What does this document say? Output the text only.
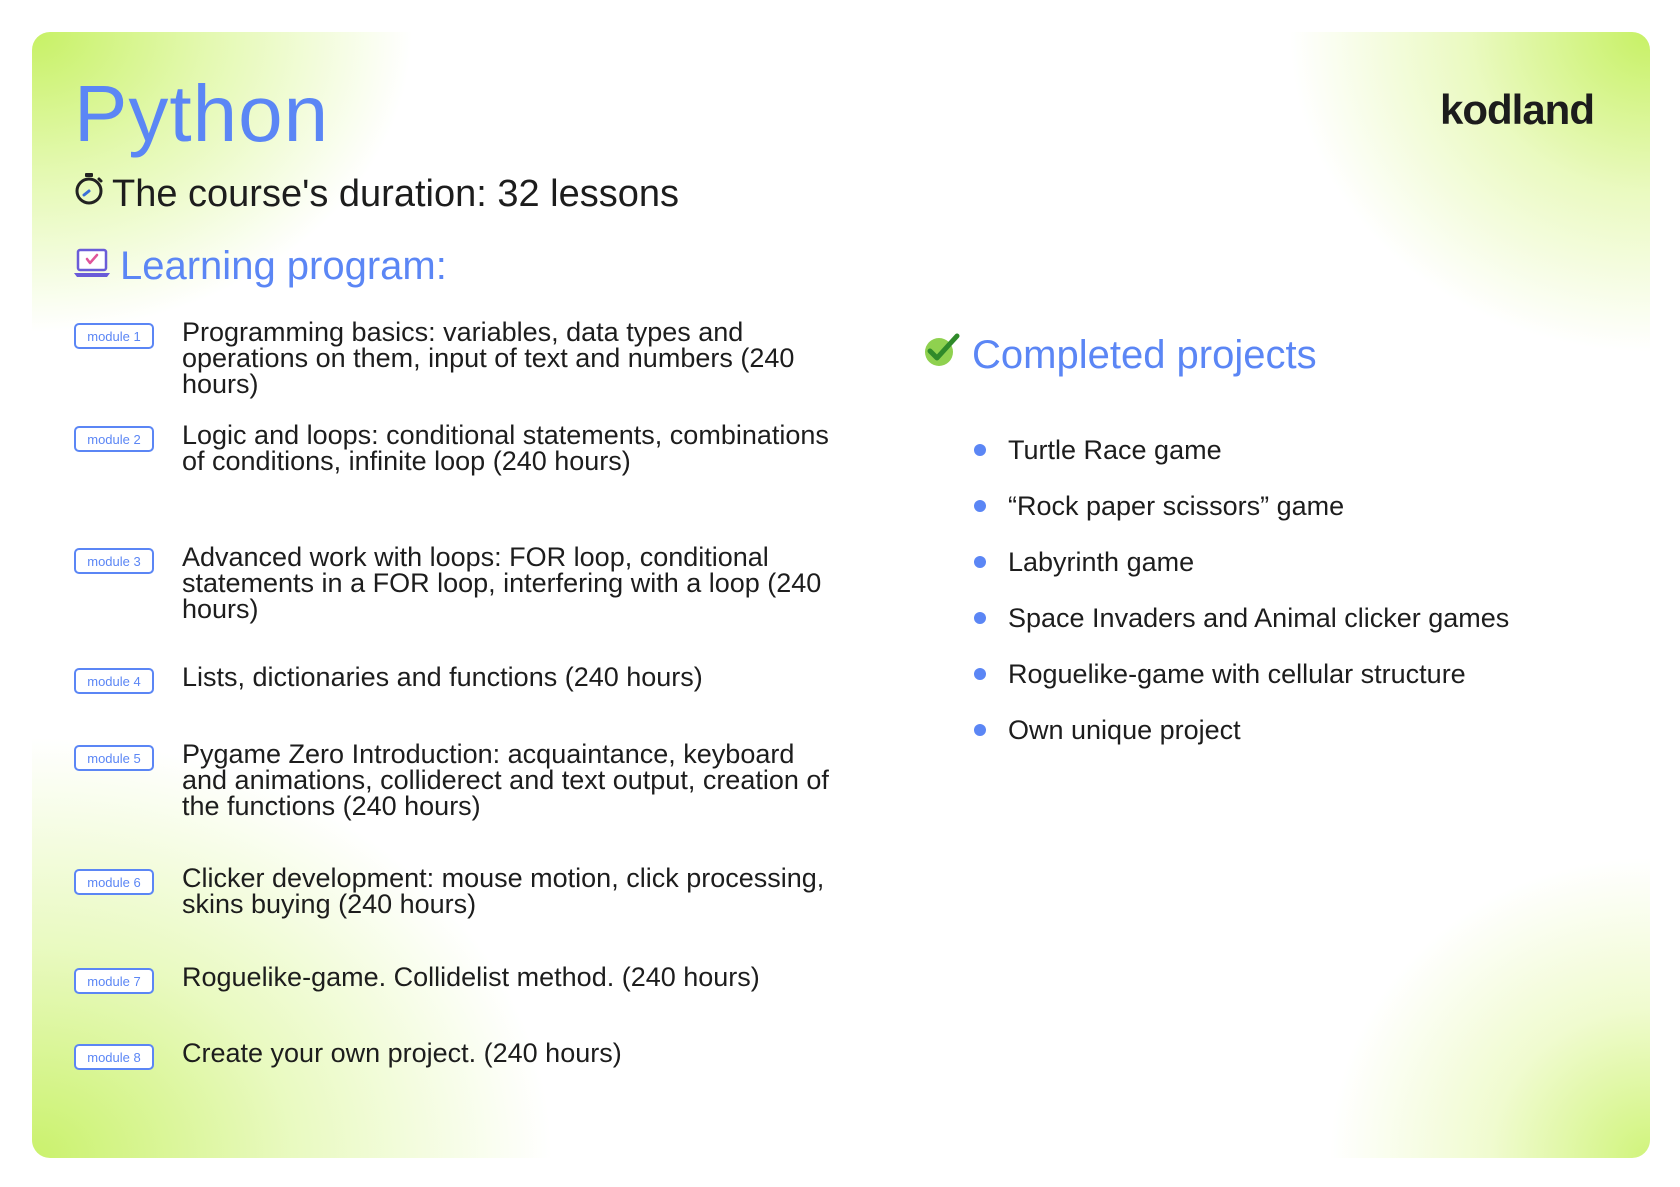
Python	kodland
The course's duration: 32 lessons
Learning program:
module 1	Programming basics: variables, data types and operations on them, input of text and numbers (240 hours)
module 2	Logic and loops: conditional statements, combinations of conditions, infinite loop (240 hours)
module 3	Advanced work with loops: FOR loop, conditional statements in a FOR loop, interfering with a loop (240 hours)
module 4	Lists, dictionaries and functions (240 hours)
module 5	Pygame Zero Introduction: acquaintance, keyboard and animations, colliderect and text output, creation of the functions (240 hours)
module 6	Clicker development: mouse motion, click processing, skins buying (240 hours)
module 7	Roguelike-game. Collidelist method. (240 hours)
module 8	Create your own project. (240 hours)
Completed projects
Turtle Race game
“Rock paper scissors” game
Labyrinth game
Space Invaders and Animal clicker games
Roguelike-game with cellular structure
Own unique project
